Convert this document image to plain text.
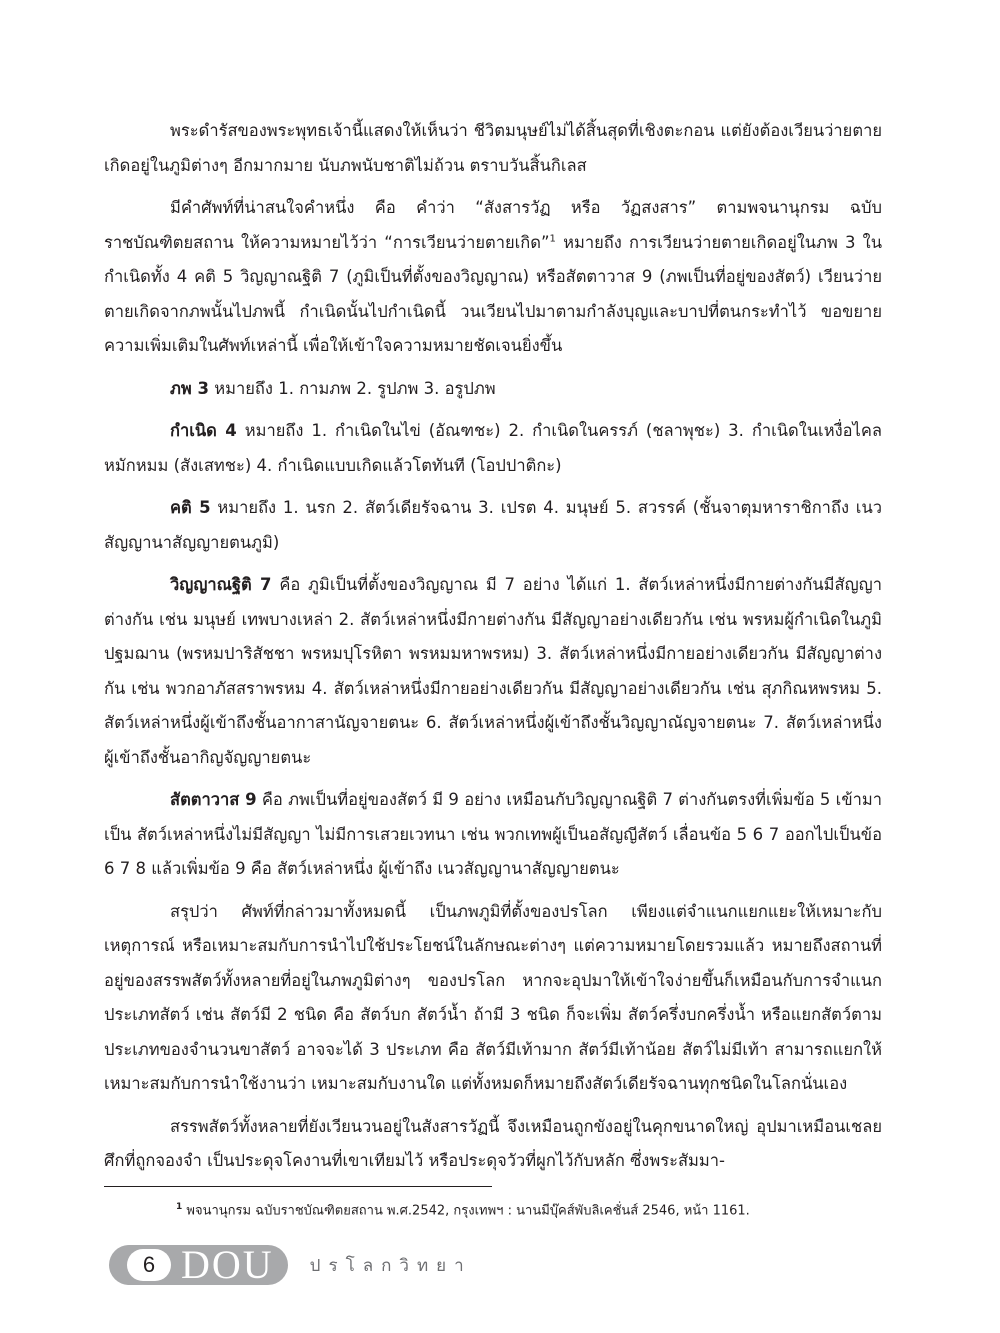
พระดำรัสของพระพุทธเจ้านี้แสดงให้เห็นว่า ชีวิตมนุษย์ไม่ได้สิ้นสุดที่เชิงตะกอน แต่ยังต้องเวียนว่ายตายเกิดอยู่ในภูมิต่างๆ อีกมากมาย นับภพนับชาติไม่ถ้วน ตราบวันสิ้นกิเลส

มีคำศัพท์ที่น่าสนใจคำหนึ่ง คือ คำว่า “สังสารวัฏ หรือ วัฏสงสาร” ตามพจนานุกรม ฉบับราชบัณฑิตยสถาน ให้ความหมายไว้ว่า “การเวียนว่ายตายเกิด”$^1$ หมายถึง การเวียนว่ายตายเกิดอยู่ในภพ 3 ในกำเนิดทั้ง 4 คติ 5 วิญญาณฐิติ 7 (ภูมิเป็นที่ตั้งของวิญญาณ) หรือสัตตาวาส 9 (ภพเป็นที่อยู่ของสัตว์) เวียนว่ายตายเกิดจากภพนั้นไปภพนี้ กำเนิดนั้นไปกำเนิดนี้ วนเวียนไปมาตามกำลังบุญและบาปที่ตนกระทำไว้ ขอขยายความเพิ่มเติมในศัพท์เหล่านี้ เพื่อให้เข้าใจความหมายชัดเจนยิ่งขึ้น

ภพ 3 หมายถึง 1. กามภพ 2. รูปภพ 3. อรูปภพ

กำเนิด 4 หมายถึง 1. กำเนิดในไข่ (อัณฑชะ) 2. กำเนิดในครรภ์ (ชลาพุชะ) 3. กำเนิดในเหงื่อไคลหมักหมม (สังเสทชะ) 4. กำเนิดแบบเกิดแล้วโตทันที (โอปปาติกะ)

คติ 5 หมายถึง 1. นรก 2. สัตว์เดียรัจฉาน 3. เปรต 4. มนุษย์ 5. สวรรค์ (ชั้นจาตุมหาราชิกาถึง เนวสัญญานาสัญญายตนภูมิ)

วิญญาณฐิติ 7 คือ ภูมิเป็นที่ตั้งของวิญญาณ มี 7 อย่าง ได้แก่ 1. สัตว์เหล่าหนึ่งมีกายต่างกันมีสัญญาต่างกัน เช่น มนุษย์ เทพบางเหล่า 2. สัตว์เหล่าหนึ่งมีกายต่างกัน มีสัญญาอย่างเดียวกัน เช่น พรหมผู้กำเนิดในภูมิปฐมฌาน (พรหมปาริสัชชา พรหมปุโรหิตา พรหมมหาพรหม) 3. สัตว์เหล่าหนึ่งมีกายอย่างเดียวกัน มีสัญญาต่างกัน เช่น พวกอาภัสสราพรหม 4. สัตว์เหล่าหนึ่งมีกายอย่างเดียวกัน มีสัญญาอย่างเดียวกัน เช่น สุภกิณหพรหม 5. สัตว์เหล่าหนึ่งผู้เข้าถึงชั้นอากาสานัญจายตนะ 6. สัตว์เหล่าหนึ่งผู้เข้าถึงชั้นวิญญาณัญจายตนะ 7. สัตว์เหล่าหนึ่งผู้เข้าถึงชั้นอากิญจัญญายตนะ

สัตตาวาส 9 คือ ภพเป็นที่อยู่ของสัตว์ มี 9 อย่าง เหมือนกับวิญญาณฐิติ 7 ต่างกันตรงที่เพิ่มข้อ 5 เข้ามาเป็น สัตว์เหล่าหนึ่งไม่มีสัญญา ไม่มีการเสวยเวทนา เช่น พวกเทพผู้เป็นอสัญญีสัตว์ เลื่อนข้อ 5 6 7 ออกไปเป็นข้อ 6 7 8 แล้วเพิ่มข้อ 9 คือ สัตว์เหล่าหนึ่ง ผู้เข้าถึง เนวสัญญานาสัญญายตนะ

สรุปว่า ศัพท์ที่กล่าวมาทั้งหมดนี้ เป็นภพภูมิที่ตั้งของปรโลก เพียงแต่จำแนกแยกแยะให้เหมาะกับเหตุการณ์ หรือเหมาะสมกับการนำไปใช้ประโยชน์ในลักษณะต่างๆ แต่ความหมายโดยรวมแล้ว หมายถึงสถานที่อยู่ของสรรพสัตว์ทั้งหลายที่อยู่ในภพภูมิต่างๆ ของปรโลก หากจะอุปมาให้เข้าใจง่ายขึ้นก็เหมือนกับการจำแนกประเภทสัตว์ เช่น สัตว์มี 2 ชนิด คือ สัตว์บก สัตว์น้ำ ถ้ามี 3 ชนิด ก็จะเพิ่ม สัตว์ครึ่งบกครึ่งน้ำ หรือแยกสัตว์ตามประเภทของจำนวนขาสัตว์ อาจจะได้ 3 ประเภท คือ สัตว์มีเท้ามาก สัตว์มีเท้าน้อย สัตว์ไม่มีเท้า สามารถแยกให้เหมาะสมกับการนำใช้งานว่า เหมาะสมกับงานใด แต่ทั้งหมดก็หมายถึงสัตว์เดียรัจฉานทุกชนิดในโลกนั่นเอง

สรรพสัตว์ทั้งหลายที่ยังเวียนวนอยู่ในสังสารวัฏนี้ จึงเหมือนถูกขังอยู่ในคุกขนาดใหญ่ อุปมาเหมือนเชลยศึกที่ถูกจองจำ เป็นประดุจโคงานที่เขาเทียมไว้ หรือประดุจวัวที่ผูกไว้กับหลัก ซึ่งพระสัมมา-

$^1$ พจนานุกรม ฉบับราชบัณฑิตยสถาน พ.ศ.2542, กรุงเทพฯ : นานมีบุ๊คส์พับลิเคชั่นส์ 2546, หน้า 1161.
6 DOU ปรโลกวิทยา
